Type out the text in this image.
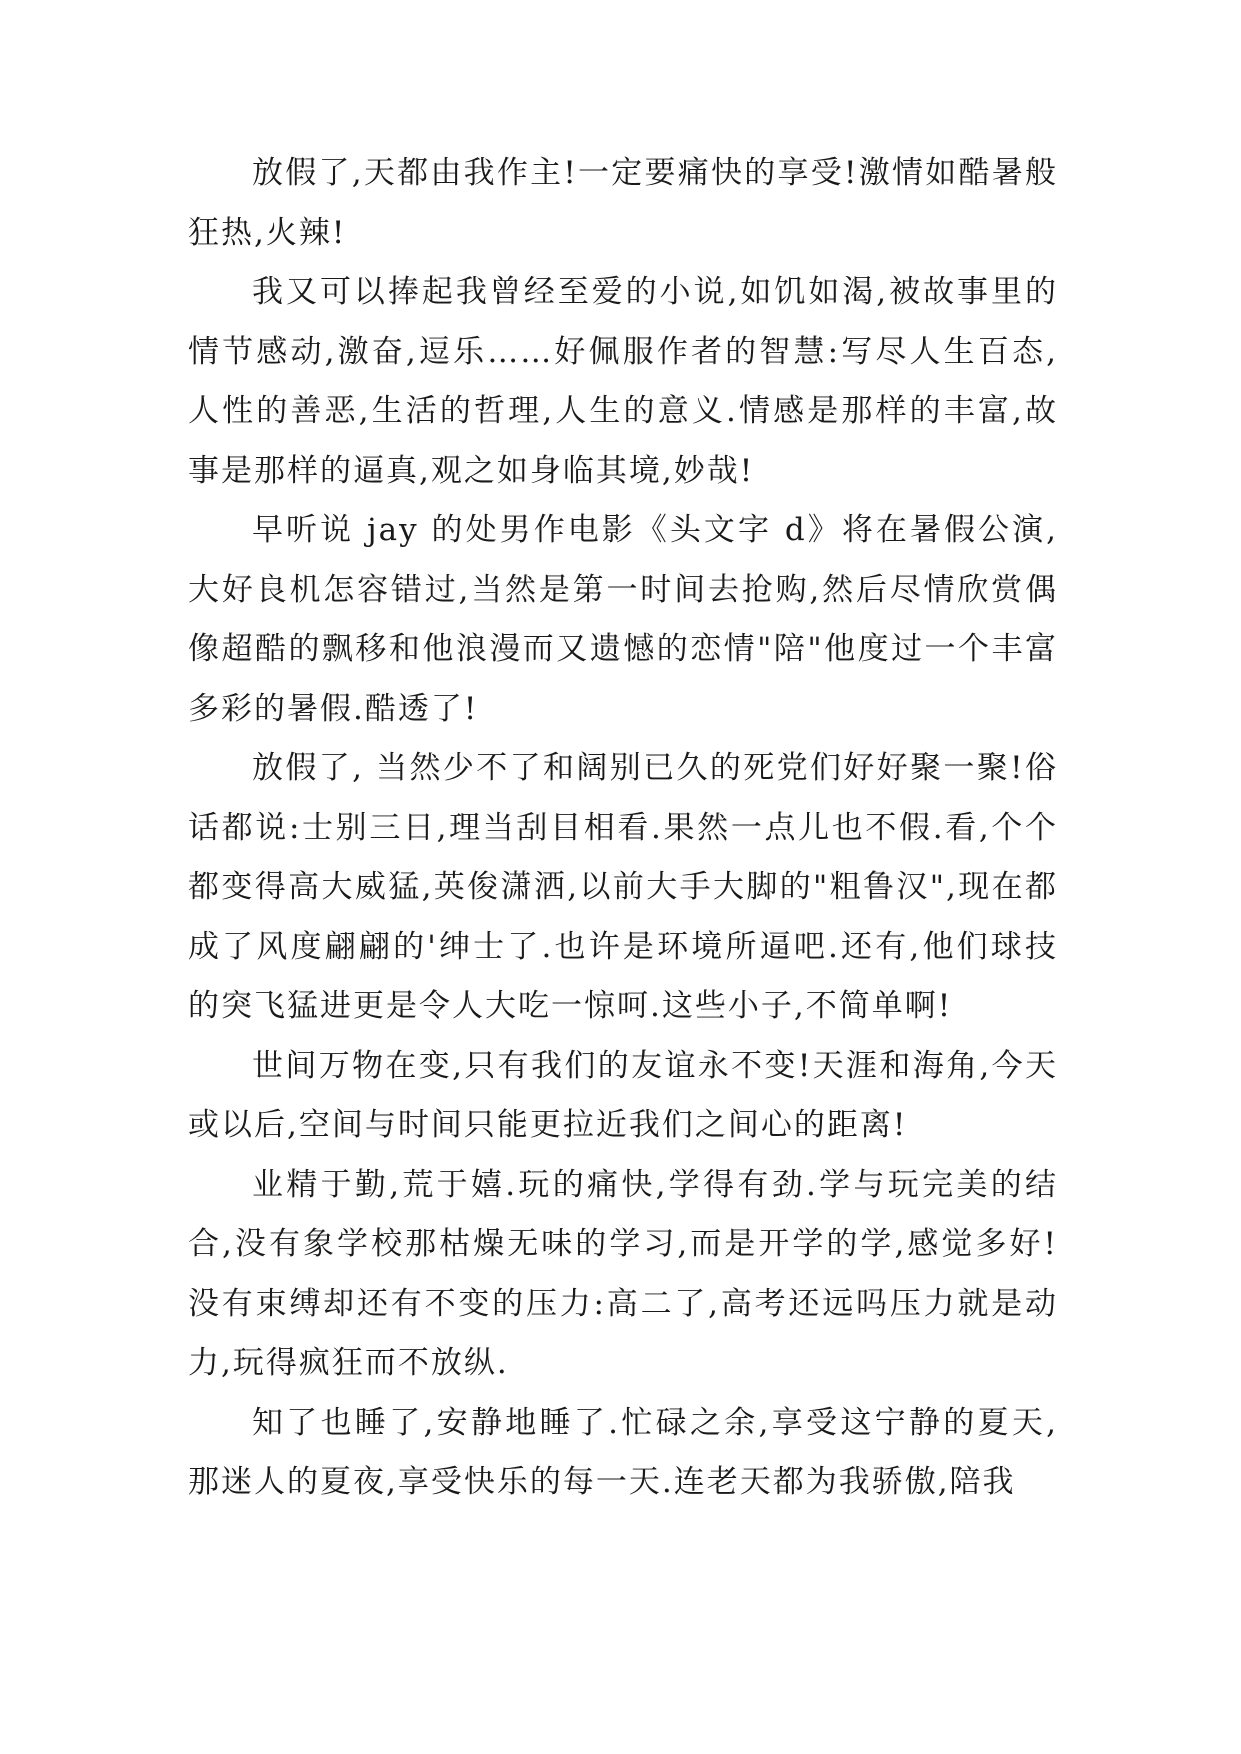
放假了,天都由我作主!一定要痛快的享受!激情如酷暑般狂热,火辣!

我又可以捧起我曾经至爱的小说,如饥如渴,被故事里的情节感动,激奋,逗乐……好佩服作者的智慧:写尽人生百态,人性的善恶,生活的哲理,人生的意义.情感是那样的丰富,故事是那样的逼真,观之如身临其境,妙哉!

早听说 jay 的处男作电影《头文字 d》将在暑假公演,大好良机怎容错过,当然是第一时间去抢购,然后尽情欣赏偶像超酷的飘移和他浪漫而又遗憾的恋情"陪"他度过一个丰富多彩的暑假.酷透了!

放假了, 当然少不了和阔别已久的死党们好好聚一聚!俗话都说:士别三日,理当刮目相看.果然一点儿也不假.看,个个都变得高大威猛,英俊潇洒,以前大手大脚的"粗鲁汉",现在都成了风度翩翩的'绅士了.也许是环境所逼吧.还有,他们球技的突飞猛进更是令人大吃一惊呵.这些小子,不简单啊!

世间万物在变,只有我们的友谊永不变!天涯和海角,今天或以后,空间与时间只能更拉近我们之间心的距离!

业精于勤,荒于嬉.玩的痛快,学得有劲.学与玩完美的结合,没有象学校那枯燥无味的学习,而是开学的学,感觉多好!没有束缚却还有不变的压力:高二了,高考还远吗压力就是动力,玩得疯狂而不放纵.

知了也睡了,安静地睡了.忙碌之余,享受这宁静的夏天,那迷人的夏夜,享受快乐的每一天.连老天都为我骄傲,陪我
